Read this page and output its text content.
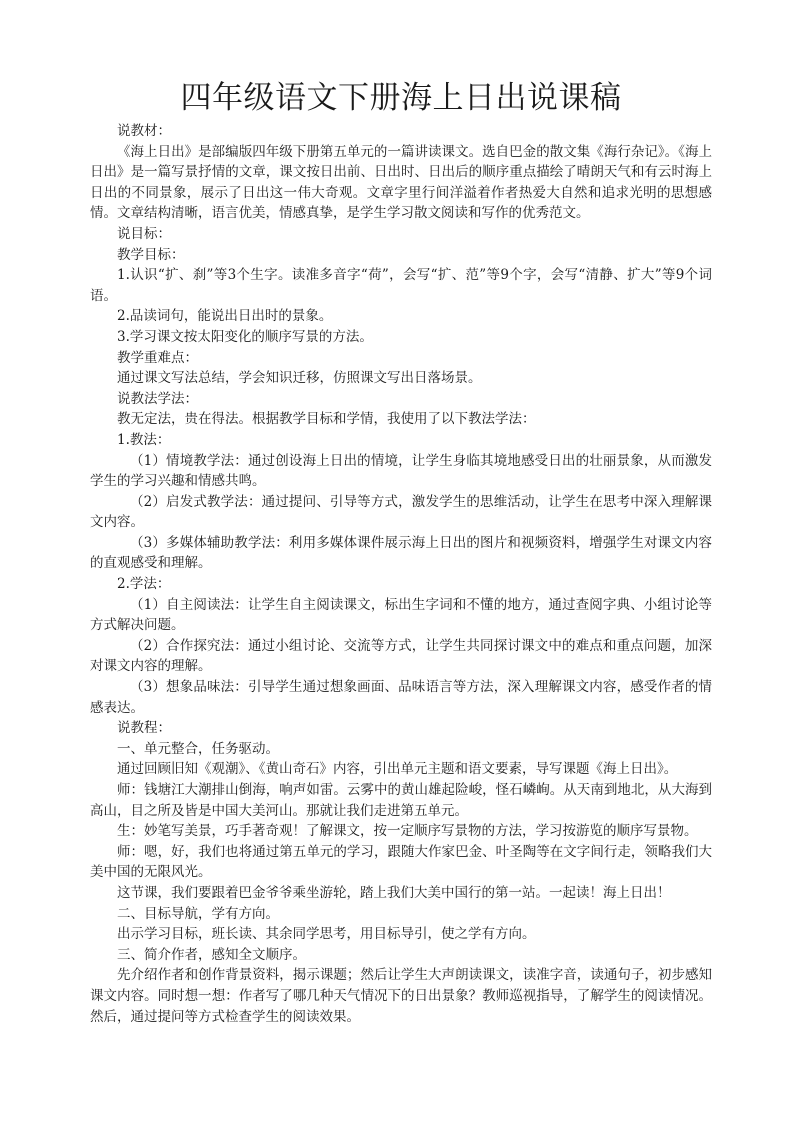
四年级语文下册海上日出说课稿

说教材：

《海上日出》是部编版四年级下册第五单元的一篇讲读课文。选自巴金的散文集《海行杂记》。《海上日出》是一篇写景抒情的文章，课文按日出前、日出时、日出后的顺序重点描绘了晴朗天气和有云时海上日出的不同景象，展示了日出这一伟大奇观。文章字里行间洋溢着作者热爱大自然和追求光明的思想感情。文章结构清晰，语言优美，情感真挚，是学生学习散文阅读和写作的优秀范文。

说目标：

教学目标：

1.认识“扩、刹”等3个生字。读准多音字“荷”，会写“扩、范”等9个字，会写“清静、扩大”等9个词语。

2.品读词句，能说出日出时的景象。

3.学习课文按太阳变化的顺序写景的方法。

教学重难点：

通过课文写法总结，学会知识迁移，仿照课文写出日落场景。

说教法学法：

教无定法，贵在得法。根据教学目标和学情，我使用了以下教法学法：

1.教法：

（1）情境教学法：通过创设海上日出的情境，让学生身临其境地感受日出的壮丽景象，从而激发学生的学习兴趣和情感共鸣。

（2）启发式教学法：通过提问、引导等方式，激发学生的思维活动，让学生在思考中深入理解课文内容。

（3）多媒体辅助教学法：利用多媒体课件展示海上日出的图片和视频资料，增强学生对课文内容的直观感受和理解。

2.学法：

（1）自主阅读法：让学生自主阅读课文，标出生字词和不懂的地方，通过查阅字典、小组讨论等方式解决问题。

（2）合作探究法：通过小组讨论、交流等方式，让学生共同探讨课文中的难点和重点问题，加深对课文内容的理解。

（3）想象品味法：引导学生通过想象画面、品味语言等方法，深入理解课文内容，感受作者的情感表达。

说教程：

一、单元整合，任务驱动。

通过回顾旧知《观潮》、《黄山奇石》内容，引出单元主题和语文要素，导写课题《海上日出》。

师：钱塘江大潮排山倒海，响声如雷。云雾中的黄山雄起险峻，怪石嶙峋。从天南到地北，从大海到高山，目之所及皆是中国大美河山。那就让我们走进第五单元。

生：妙笔写美景，巧手著奇观！了解课文，按一定顺序写景物的方法，学习按游览的顺序写景物。

师：嗯，好，我们也将通过第五单元的学习，跟随大作家巴金、叶圣陶等在文字间行走，领略我们大美中国的无限风光。

这节课，我们要跟着巴金爷爷乘坐游轮，踏上我们大美中国行的第一站。一起读！海上日出！

二、目标导航，学有方向。

出示学习目标，班长读、其余同学思考，用目标导引，使之学有方向。

三、简介作者，感知全文顺序。

先介绍作者和创作背景资料，揭示课题；然后让学生大声朗读课文，读准字音，读通句子，初步感知课文内容。同时想一想：作者写了哪几种天气情况下的日出景象？教师巡视指导，了解学生的阅读情况。然后，通过提问等方式检查学生的阅读效果。
